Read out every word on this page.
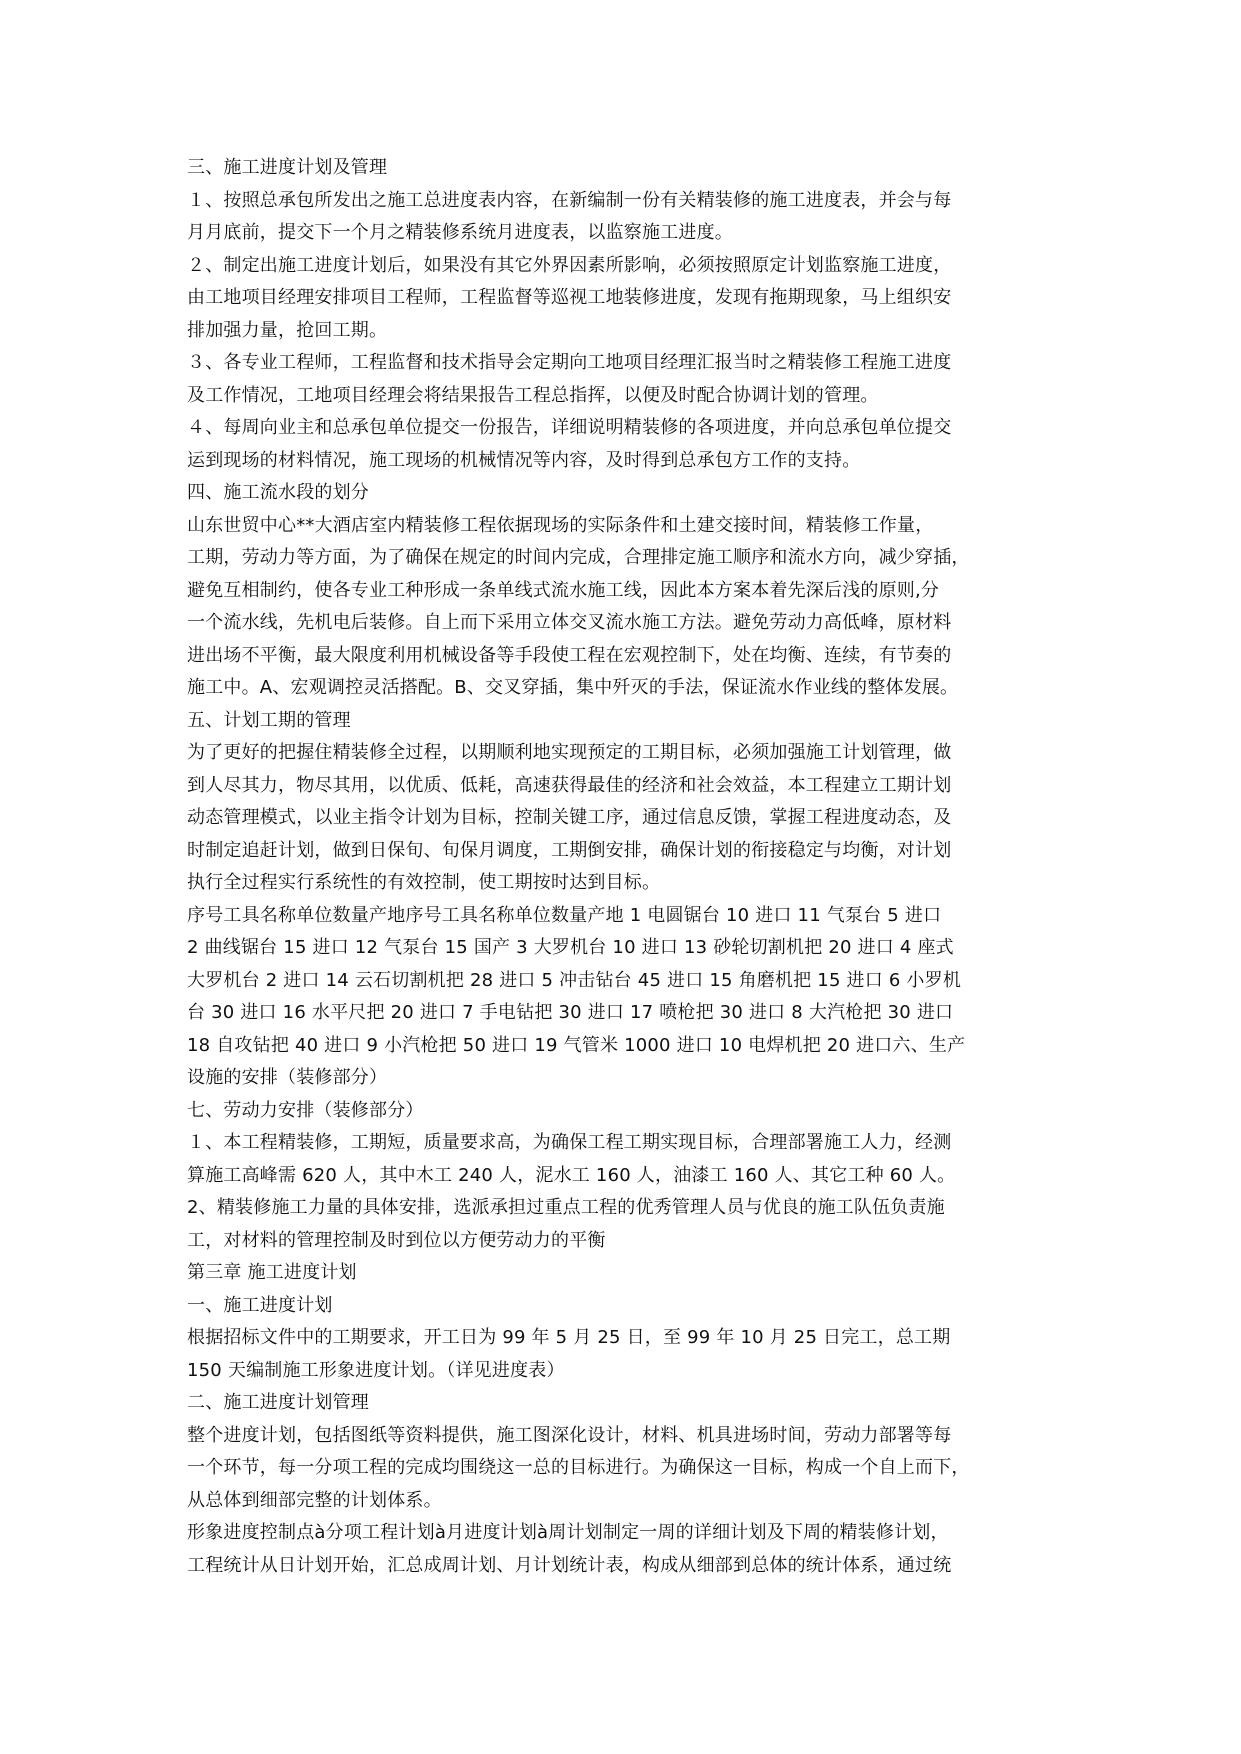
三、施工进度计划及管理
１、按照总承包所发出之施工总进度表内容，在新编制一份有关精装修的施工进度表，并会与每
月月底前，提交下一个月之精装修系统月进度表，以监察施工进度。
２、制定出施工进度计划后，如果没有其它外界因素所影响，必须按照原定计划监察施工进度，
由工地项目经理安排项目工程师，工程监督等巡视工地装修进度，发现有拖期现象，马上组织安
排加强力量，抢回工期。
３、各专业工程师，工程监督和技术指导会定期向工地项目经理汇报当时之精装修工程施工进度
及工作情况，工地项目经理会将结果报告工程总指挥，以便及时配合协调计划的管理。
４、每周向业主和总承包单位提交一份报告，详细说明精装修的各项进度，并向总承包单位提交
运到现场的材料情况，施工现场的机械情况等内容，及时得到总承包方工作的支持。
四、施工流水段的划分
山东世贸中心**大酒店室内精装修工程依据现场的实际条件和土建交接时间，精装修工作量，
工期，劳动力等方面，为了确保在规定的时间内完成，合理排定施工顺序和流水方向，减少穿插，
避免互相制约，使各专业工种形成一条单线式流水施工线，因此本方案本着先深后浅的原则,分
一个流水线，先机电后装修。自上而下采用立体交叉流水施工方法。避免劳动力高低峰，原材料
进出场不平衡，最大限度利用机械设备等手段使工程在宏观控制下，处在均衡、连续，有节奏的
施工中。A、宏观调控灵活搭配。B、交叉穿插，集中歼灭的手法，保证流水作业线的整体发展。
五、计划工期的管理
为了更好的把握住精装修全过程，以期顺利地实现预定的工期目标，必须加强施工计划管理，做
到人尽其力，物尽其用，以优质、低耗，高速获得最佳的经济和社会效益，本工程建立工期计划
动态管理模式，以业主指令计划为目标，控制关键工序，通过信息反馈，掌握工程进度动态，及
时制定追赶计划，做到日保旬、旬保月调度，工期倒安排，确保计划的衔接稳定与均衡，对计划
执行全过程实行系统性的有效控制，使工期按时达到目标。
序号工具名称单位数量产地序号工具名称单位数量产地 1 电圆锯台 10 进口 11 气泵台 5 进口
2 曲线锯台 15 进口 12 气泵台 15 国产 3 大罗机台 10 进口 13 砂轮切割机把 20 进口 4 座式
大罗机台 2 进口 14 云石切割机把 28 进口 5 冲击钻台 45 进口 15 角磨机把 15 进口 6 小罗机
台 30 进口 16 水平尺把 20 进口 7 手电钻把 30 进口 17 喷枪把 30 进口 8 大汽枪把 30 进口
18 自攻钻把 40 进口 9 小汽枪把 50 进口 19 气管米 1000 进口 10 电焊机把 20 进口六、生产
设施的安排（装修部分）
七、劳动力安排（装修部分）
１、本工程精装修，工期短，质量要求高，为确保工程工期实现目标，合理部署施工人力，经测
算施工高峰需 620 人，其中木工 240 人，泥水工 160 人，油漆工 160 人、其它工种 60 人。
2、精装修施工力量的具体安排，选派承担过重点工程的优秀管理人员与优良的施工队伍负责施
工，对材料的管理控制及时到位以方便劳动力的平衡
第三章 施工进度计划
一、施工进度计划
根据招标文件中的工期要求，开工日为 99 年 5 月 25 日，至 99 年 10 月 25 日完工，总工期
150 天编制施工形象进度计划。（详见进度表）
二、施工进度计划管理
整个进度计划，包括图纸等资料提供，施工图深化设计，材料、机具进场时间，劳动力部署等每
一个环节，每一分项工程的完成均围绕这一总的目标进行。为确保这一目标，构成一个自上而下，
从总体到细部完整的计划体系。
形象进度控制点à分项工程计划à月进度计划à周计划制定一周的详细计划及下周的精装修计划，
工程统计从日计划开始，汇总成周计划、月计划统计表，构成从细部到总体的统计体系，通过统
